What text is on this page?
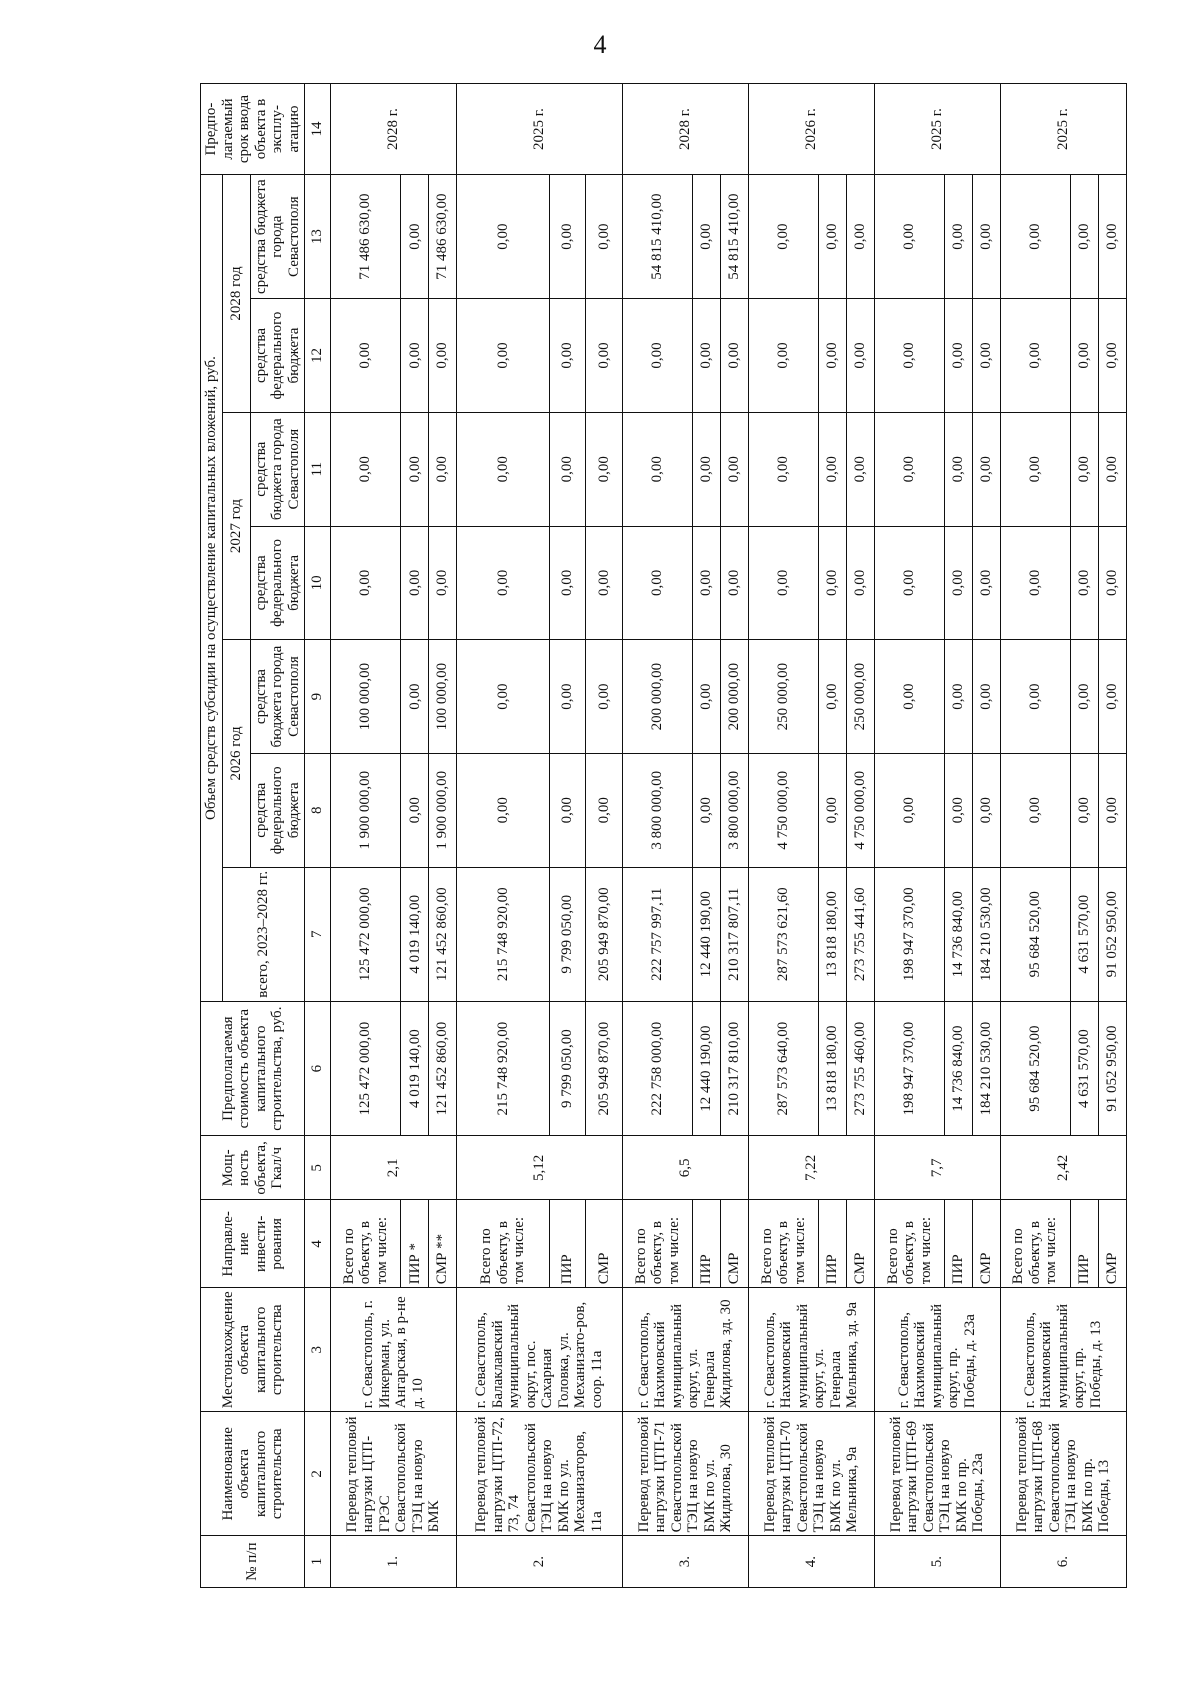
4
№ п/п	Наименование объекта капитального строительства	Местонахождение объекта капитального строительства	Направле-ние инвести-рования	Мощ-ность объекта, Гкал/ч	Предполагаемая стоимость объекта капитального строительства, руб.	Объем средств субсидии на осуществление капитальных вложений, руб.							Предпо-лагаемый срок ввода объекта в эксплу-атацию
						всего, 2023–2028 гг.	2026 год		2027 год		2028 год		
							средства федерального бюджета	средства бюджета города Севастополя	средства федерального бюджета	средства бюджета города Севастополя	средства федерального бюджета	средства бюджета города Севастополя	
1	2	3	4	5	6	7	8	9	10	11	12	13	14
1.	Перевод тепловой нагрузки ЦТП-ГРЭС Севастопольской ТЭЦ на новую БМК	г. Севастополь, г. Инкерман, ул. Ангарская, в р-не д. 10	Всего по объекту, в том числе:	2,1	125 472 000,00	125 472 000,00	1 900 000,00	100 000,00	0,00	0,00	0,00	71 486 630,00	2028 г.
			ПИР *		4 019 140,00	4 019 140,00	0,00	0,00	0,00	0,00	0,00	0,00	
			СМР **		121 452 860,00	121 452 860,00	1 900 000,00	100 000,00	0,00	0,00	0,00	71 486 630,00	
2.	Перевод тепловой нагрузки ЦТП-72, 73, 74 Севастопольской ТЭЦ на новую БМК по ул. Механизаторов, 11а	г. Севастополь, Балаклавский муниципальный округ, пос. Сахарная Головка, ул. Механизато-ров, соор. 11а	Всего по объекту, в том числе:	5,12	215 748 920,00	215 748 920,00	0,00	0,00	0,00	0,00	0,00	0,00	2025 г.
			ПИР		9 799 050,00	9 799 050,00	0,00	0,00	0,00	0,00	0,00	0,00	
			СМР		205 949 870,00	205 949 870,00	0,00	0,00	0,00	0,00	0,00	0,00	
3.	Перевод тепловой нагрузки ЦТП-71 Севастопольской ТЭЦ на новую БМК по ул. Жидилова, 30	г. Севастополь, Нахимовский муниципальный округ, ул. Генерала Жидилова, зд. 30	Всего по объекту, в том числе:	6,5	222 758 000,00	222 757 997,11	3 800 000,00	200 000,00	0,00	0,00	0,00	54 815 410,00	2028 г.
			ПИР		12 440 190,00	12 440 190,00	0,00	0,00	0,00	0,00	0,00	0,00	
			СМР		210 317 810,00	210 317 807,11	3 800 000,00	200 000,00	0,00	0,00	0,00	54 815 410,00	
4.	Перевод тепловой нагрузки ЦТП-70 Севастопольской ТЭЦ на новую БМК по ул. Мельника, 9а	г. Севастополь, Нахимовский муниципальный округ, ул. Генерала Мельника, зд. 9а	Всего по объекту, в том числе:	7,22	287 573 640,00	287 573 621,60	4 750 000,00	250 000,00	0,00	0,00	0,00	0,00	2026 г.
			ПИР		13 818 180,00	13 818 180,00	0,00	0,00	0,00	0,00	0,00	0,00	
			СМР		273 755 460,00	273 755 441,60	4 750 000,00	250 000,00	0,00	0,00	0,00	0,00	
5.	Перевод тепловой нагрузки ЦТП-69 Севастопольской ТЭЦ на новую БМК по пр. Победы, 23а	г. Севастополь, Нахимовский муниципальный округ, пр. Победы, д. 23а	Всего по объекту, в том числе:	7,7	198 947 370,00	198 947 370,00	0,00	0,00	0,00	0,00	0,00	0,00	2025 г.
			ПИР		14 736 840,00	14 736 840,00	0,00	0,00	0,00	0,00	0,00	0,00	
			СМР		184 210 530,00	184 210 530,00	0,00	0,00	0,00	0,00	0,00	0,00	
6.	Перевод тепловой нагрузки ЦТП-68 Севастопольской ТЭЦ на новую БМК по пр. Победы, 13	г. Севастополь, Нахимовский муниципальный округ, пр. Победы, д. 13	Всего по объекту, в том числе:	2,42	95 684 520,00	95 684 520,00	0,00	0,00	0,00	0,00	0,00	0,00	2025 г.
			ПИР		4 631 570,00	4 631 570,00	0,00	0,00	0,00	0,00	0,00	0,00	
			СМР		91 052 950,00	91 052 950,00	0,00	0,00	0,00	0,00	0,00	0,00	
